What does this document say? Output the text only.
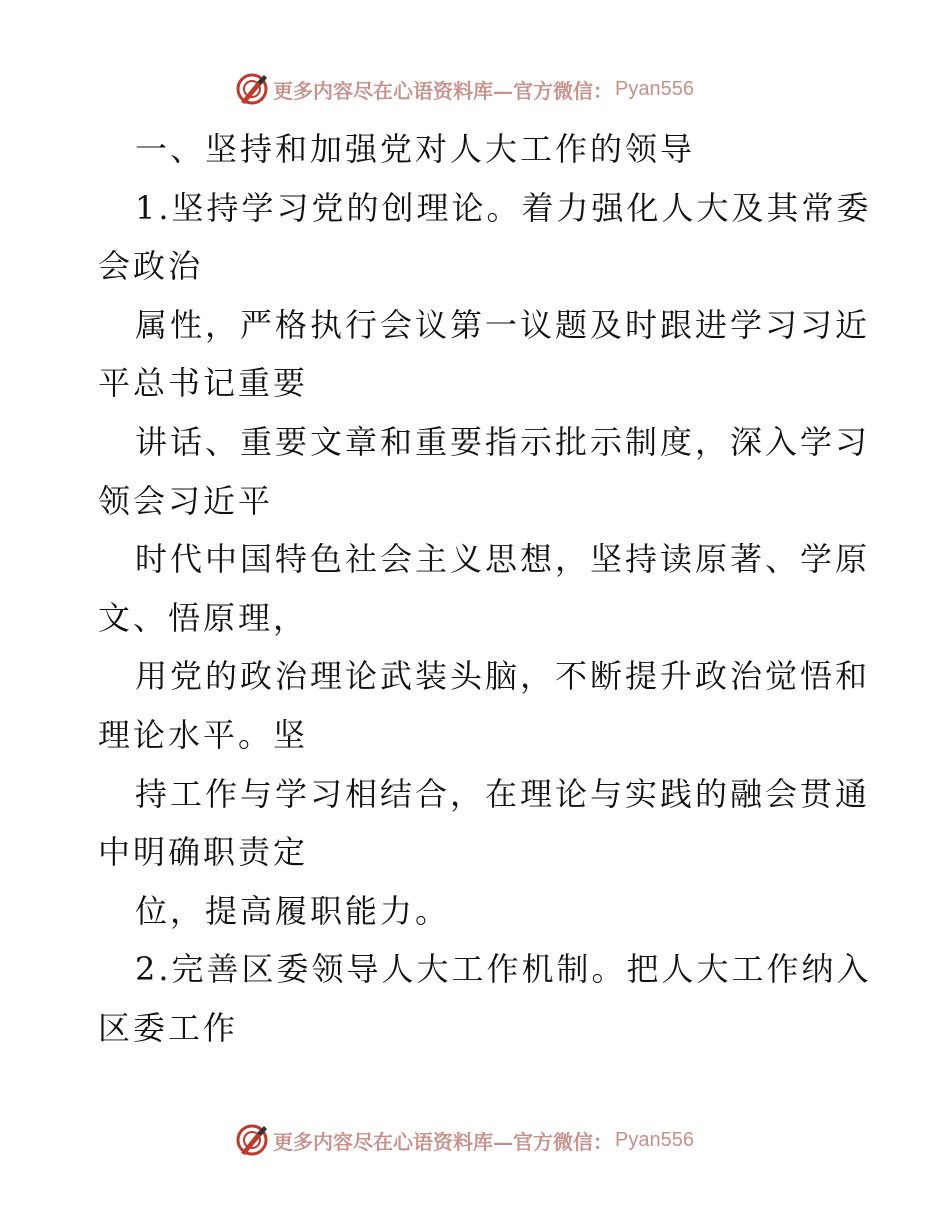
更多内容尽在心语资料库—官方微信： Pyan556
一、坚持和加强党对人大工作的领导
1.坚持学习党的创理论。着力强化人大及其常委
会政治
属性，严格执行会议第一议题及时跟进学习习近
平总书记重要
讲话、重要文章和重要指示批示制度，深入学习
领会习近平
时代中国特色社会主义思想，坚持读原著、学原
文、悟原理，
用党的政治理论武装头脑，不断提升政治觉悟和
理论水平。坚
持工作与学习相结合，在理论与实践的融会贯通
中明确职责定
位，提高履职能力。
2.完善区委领导人大工作机制。把人大工作纳入
区委工作
更多内容尽在心语资料库—官方微信： Pyan556
